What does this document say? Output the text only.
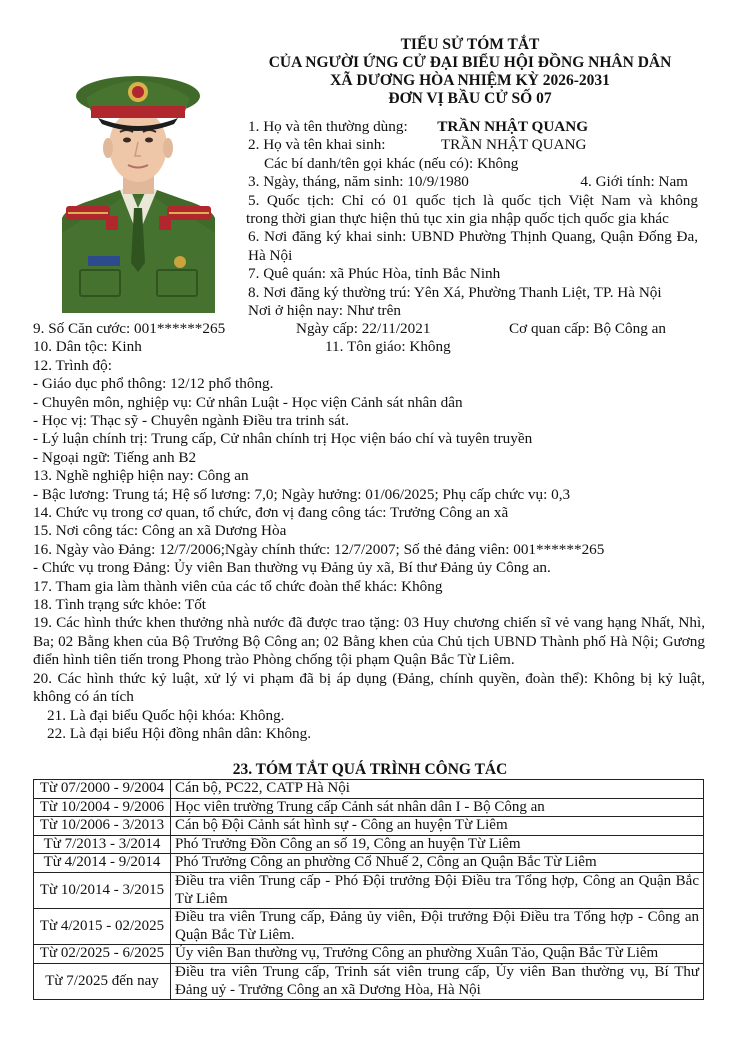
TIỂU SỬ TÓM TẮT
CỦA NGƯỜI ỨNG CỬ ĐẠI BIỂU HỘI ĐỒNG NHÂN DÂN
XÃ DƯƠNG HÒA NHIỆM KỲ 2026-2031
ĐƠN VỊ BẦU CỬ SỐ 07
1. Họ và tên thường dùng: TRẦN NHẬT QUANG
2. Họ và tên khai sinh:	TRẦN NHẬT QUANG
Các bí danh/tên gọi khác (nếu có): Không
3. Ngày, tháng, năm sinh: 10/9/1980	4. Giới tính: Nam
5. Quốc tịch: Chỉ có 01 quốc tịch là quốc tịch Việt Nam và không
trong thời gian thực hiện thủ tục xin gia nhập quốc tịch quốc gia khác
6. Nơi đăng ký khai sinh: UBND Phường Thịnh Quang, Quận Đống Đa,
Hà Nội
7. Quê quán: xã Phúc Hòa, tỉnh Bắc Ninh
8. Nơi đăng ký thường trú: Yên Xá, Phường Thanh Liệt, TP. Hà Nội
Nơi ở hiện nay: Như trên
9. Số Căn cước: 001******265	Ngày cấp: 22/11/2021	Cơ quan cấp: Bộ Công an
10. Dân tộc: Kinh	11. Tôn giáo: Không
12. Trình độ:
- Giáo dục phổ thông: 12/12 phổ thông.
- Chuyên môn, nghiệp vụ: Cử nhân Luật - Học viện Cảnh sát nhân dân
- Học vị: Thạc sỹ - Chuyên ngành Điều tra trinh sát.
- Lý luận chính trị: Trung cấp, Cử nhân chính trị Học viện báo chí và tuyên truyền
- Ngoại ngữ: Tiếng anh B2
13. Nghề nghiệp hiện nay: Công an
- Bậc lương: Trung tá; Hệ số lương: 7,0; Ngày hưởng: 01/06/2025; Phụ cấp chức vụ: 0,3
14. Chức vụ trong cơ quan, tổ chức, đơn vị đang công tác: Trưởng Công an xã
15. Nơi công tác: Công an xã Dương Hòa
16. Ngày vào Đảng: 12/7/2006;Ngày chính thức: 12/7/2007; Số thẻ đảng viên: 001******265
- Chức vụ trong Đảng: Ủy viên Ban thường vụ Đảng ủy xã, Bí thư Đảng ủy Công an.
17. Tham gia làm thành viên của các tổ chức đoàn thể khác: Không
18. Tình trạng sức khỏe: Tốt
19. Các hình thức khen thưởng nhà nước đã được trao tặng: 03 Huy chương chiến sĩ vẻ vang hạng Nhất, Nhì, Ba; 02 Bằng khen của Bộ Trưởng Bộ Công an; 02 Bằng khen của Chủ tịch UBND Thành phố Hà Nội; Gương điển hình tiên tiến trong Phong trào Phòng chống tội phạm Quận Bắc Từ Liêm.
20. Các hình thức kỷ luật, xử lý vi phạm đã bị áp dụng (Đảng, chính quyền, đoàn thể): Không bị kỷ luật, không có án tích
21. Là đại biểu Quốc hội khóa: Không.
22. Là đại biểu Hội đồng nhân dân: Không.
23. TÓM TẮT QUÁ TRÌNH CÔNG TÁC
Từ 07/2000 - 9/2004	Cán bộ, PC22, CATP Hà Nội
Từ 10/2004 - 9/2006	Học viên trường Trung cấp Cảnh sát nhân dân I - Bộ Công an
Từ 10/2006 - 3/2013	Cán bộ Đội Cảnh sát hình sự - Công an huyện Từ Liêm
Từ 7/2013 - 3/2014	Phó Trưởng Đồn Công an số 19, Công an huyện Từ Liêm
Từ 4/2014 - 9/2014	Phó Trưởng Công an phường Cổ Nhuế 2, Công an Quận Bắc Từ Liêm
Từ 10/2014 - 3/2015	Điều tra viên Trung cấp - Phó Đội trưởng Đội Điều tra Tổng hợp, Công an Quận Bắc Từ Liêm
Từ 4/2015 - 02/2025	Điều tra viên Trung cấp, Đảng ủy viên, Đội trưởng Đội Điều tra Tổng hợp - Công an Quận Bắc Từ Liêm.
Từ 02/2025 - 6/2025	Ủy viên Ban thường vụ, Trưởng Công an phường Xuân Tảo, Quận Bắc Từ Liêm
Từ 7/2025 đến nay	Điều tra viên Trung cấp, Trinh sát viên trung cấp, Ủy viên Ban thường vụ, Bí Thư Đảng uỷ - Trưởng Công an xã Dương Hòa, Hà Nội
